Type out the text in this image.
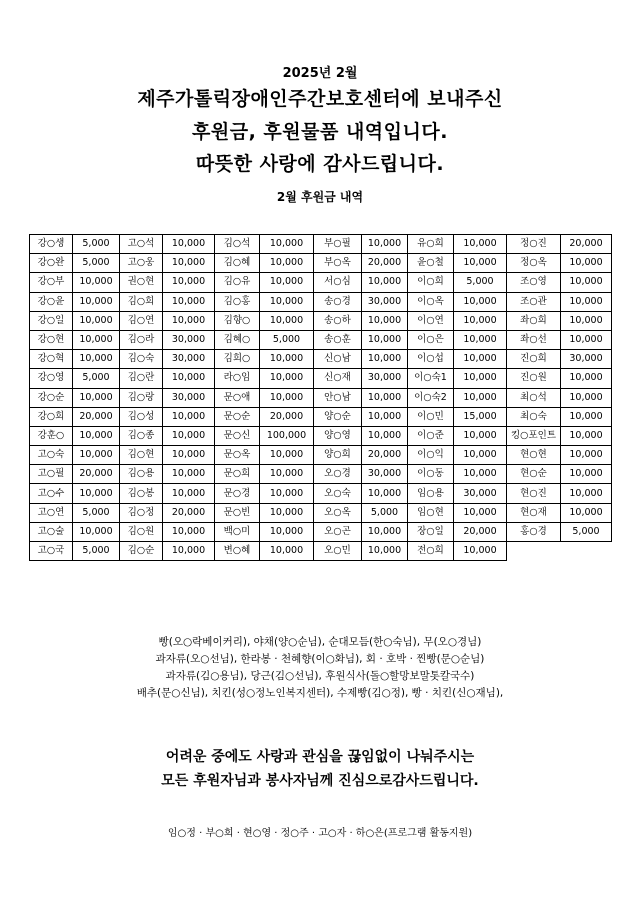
2025년 2월
제주가톨릭장애인주간보호센터에 보내주신
후원금, 후원물품 내역입니다.
따뜻한 사랑에 감사드립니다.
2월 후원금 내역
강○생	5,000	고○석	10,000	김○석	10,000	부○필	10,000	유○희	10,000	정○진	20,000
강○완	5,000	고○웅	10,000	김○혜	10,000	부○옥	20,000	윤○철	10,000	정○옥	10,000
강○부	10,000	권○현	10,000	김○유	10,000	서○심	10,000	이○희	5,000	조○영	10,000
강○윤	10,000	김○희	10,000	김○홍	10,000	송○경	30,000	이○옥	10,000	조○관	10,000
강○일	10,000	김○연	10,000	김향○	10,000	송○하	10,000	이○연	10,000	좌○희	10,000
강○현	10,000	김○라	30,000	김혜○	5,000	송○훈	10,000	이○은	10,000	좌○선	10,000
강○혁	10,000	김○숙	30,000	김희○	10,000	신○남	10,000	이○섭	10,000	진○희	30,000
강○영	5,000	김○란	10,000	라○임	10,000	신○재	30,000	이○숙1	10,000	진○원	10,000
강○순	10,000	김○랑	30,000	문○애	10,000	안○남	10,000	이○숙2	10,000	최○석	10,000
강○희	20,000	김○성	10,000	문○순	20,000	양○순	10,000	이○민	15,000	최○숙	10,000
강훈○	10,000	김○종	10,000	문○신	100,000	양○영	10,000	이○준	10,000	킹○포인트	10,000
고○숙	10,000	김○현	10,000	문○옥	10,000	양○희	20,000	이○익	10,000	현○현	10,000
고○필	20,000	김○용	10,000	문○희	10,000	오○경	30,000	이○동	10,000	현○순	10,000
고○수	10,000	김○봉	10,000	문○경	10,000	오○숙	10,000	임○용	30,000	현○진	10,000
고○연	5,000	김○정	20,000	문○빈	10,000	오○옥	5,000	임○현	10,000	현○재	10,000
고○술	10,000	김○원	10,000	백○미	10,000	오○곤	10,000	장○일	20,000	홍○경	5,000
고○국	5,000	김○순	10,000	변○혜	10,000	오○민	10,000	전○희	10,000		
빵(오○락베이커리), 야채(양○순님), 순대모듬(한○숙님), 무(오○경님)
과자류(오○선님), 한라봉 · 천혜향(이○화님), 회 · 호박 · 찐빵(문○순님)
과자류(김○용님), 당근(김○선님), 후원식사(돌○할망보말톳칼국수)
배추(문○신님), 치킨(성○정노인복지센터), 수제빵(김○정), 빵 · 치킨(신○재님),
어려운 중에도 사랑과 관심을 끊임없이 나눠주시는
모든 후원자님과 봉사자님께 진심으로감사드립니다.
임○정 · 부○희 · 현○영 · 정○주 · 고○자 · 하○은(프로그램 활동지원)
